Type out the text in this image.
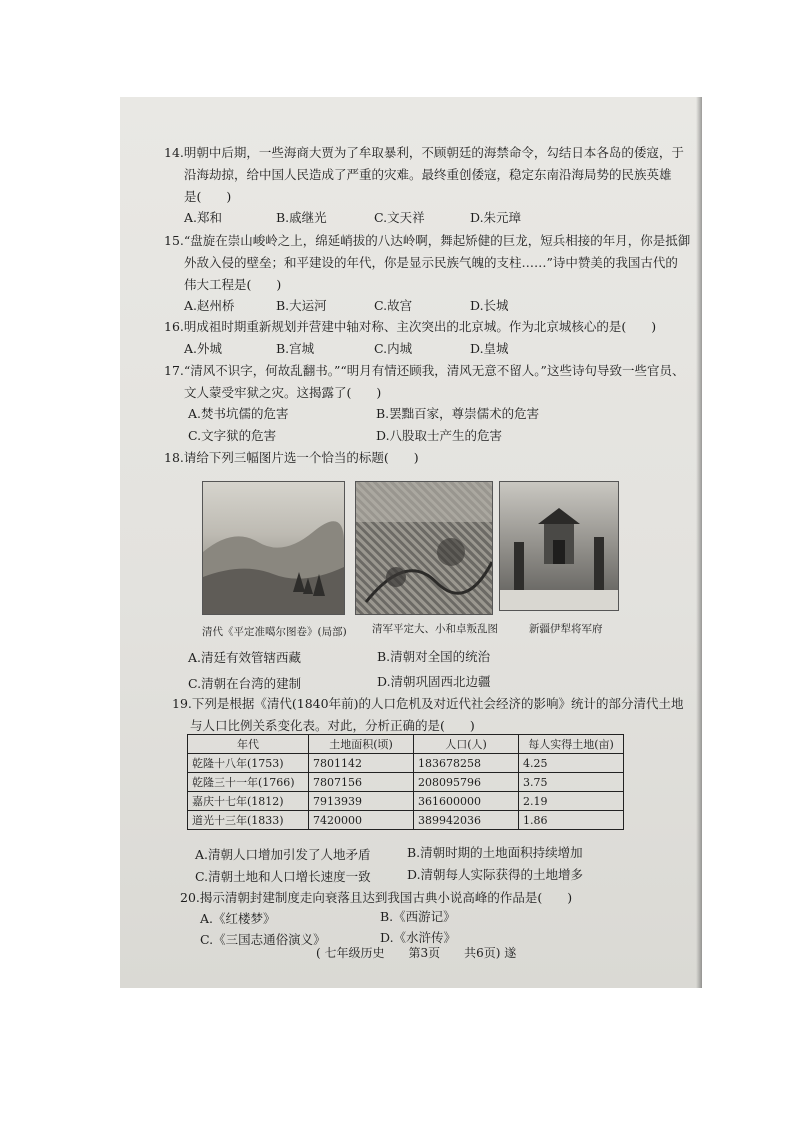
14.明朝中后期，一些海商大贾为了牟取暴利，不顾朝廷的海禁命令，勾结日本各岛的倭寇，于
沿海劫掠，给中国人民造成了严重的灾难。最终重创倭寇，稳定东南沿海局势的民族英雄
是(　　)
A.郑和	B.戚继光	C.文天祥	D.朱元璋
15.“盘旋在崇山峻岭之上，绵延峭拔的八达岭啊，舞起矫健的巨龙，短兵相接的年月，你是抵御
外敌入侵的壁垒；和平建设的年代，你是显示民族气魄的支柱……”诗中赞美的我国古代的
伟大工程是(　　)
A.赵州桥	B.大运河	C.故宫	D.长城
16.明成祖时期重新规划并营建中轴对称、主次突出的北京城。作为北京城核心的是(　　)
A.外城	B.宫城	C.内城	D.皇城
17.“清风不识字，何故乱翻书。”“明月有情还顾我，清风无意不留人。”这些诗句导致一些官员、
文人蒙受牢狱之灾。这揭露了(　　)
A.焚书坑儒的危害	B.罢黜百家，尊崇儒术的危害
C.文字狱的危害	D.八股取士产生的危害
18.请给下列三幅图片选一个恰当的标题(　　)
清代《平定准噶尔图卷》(局部) 清军平定大、小和卓叛乱图	新疆伊犁将军府
A.清廷有效管辖西藏	B.清朝对全国的统治
C.清朝在台湾的建制	D.清朝巩固西北边疆
19.下列是根据《清代(1840年前)的人口危机及对近代社会经济的影响》统计的部分清代土地
与人口比例关系变化表。对此，分析正确的是(　　)
年代	土地面积(顷)	人口(人)	每人实得土地(亩)
乾隆十八年(1753)	7801142	183678258	4.25
乾隆三十一年(1766)	7807156	208095796	3.75
嘉庆十七年(1812)	7913939	361600000	2.19
道光十三年(1833)	7420000	389942036	1.86
A.清朝人口增加引发了人地矛盾	B.清朝时期的土地面积持续增加
C.清朝土地和人口增长速度一致	D.清朝每人实际获得的土地增多
20.揭示清朝封建制度走向衰落且达到我国古典小说高峰的作品是(　　)
A.《红楼梦》	B.《西游记》
C.《三国志通俗演义》	D.《水浒传》
( 七年级历史　　第3页　　共6页) 遂
